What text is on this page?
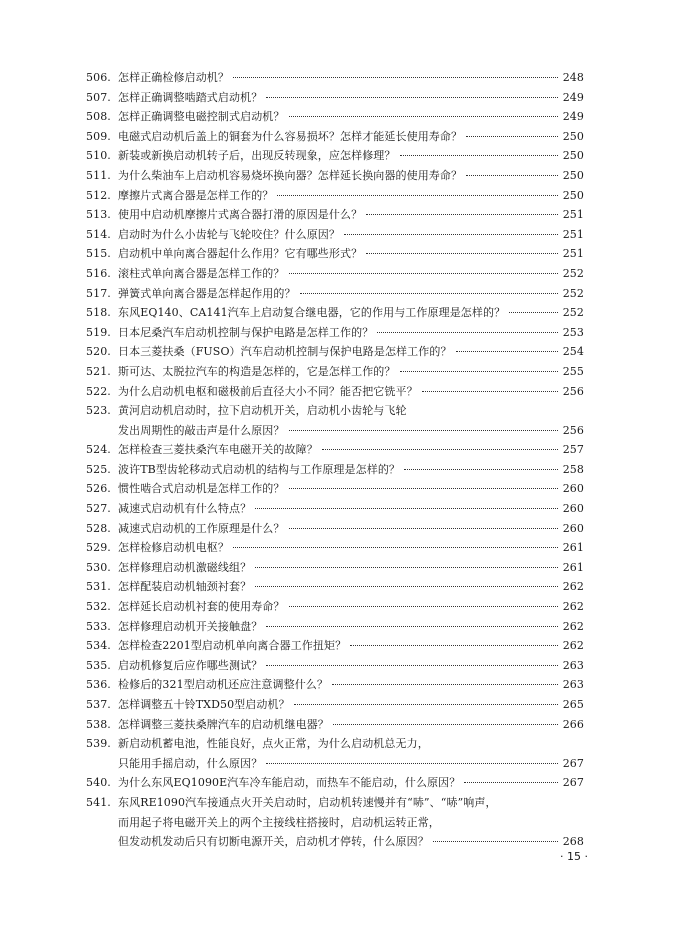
506. 怎样正确检修启动机？	248
507. 怎样正确调整啮踏式启动机？	249
508. 怎样正确调整电磁控制式启动机？	249
509. 电磁式启动机后盖上的铜套为什么容易损坏？怎样才能延长使用寿命？	250
510. 新装或新换启动机转子后，出现反转现象，应怎样修理？	250
511. 为什么柴油车上启动机容易烧坏换向器？怎样延长换向器的使用寿命？	250
512. 摩擦片式离合器是怎样工作的？	250
513. 使用中启动机摩擦片式离合器打滑的原因是什么？	251
514. 启动时为什么小齿轮与飞轮咬住？什么原因？	251
515. 启动机中单向离合器起什么作用？它有哪些形式？	251
516. 滚柱式单向离合器是怎样工作的？	252
517. 弹簧式单向离合器是怎样起作用的？	252
518. 东风EQ140、CA141汽车上启动复合继电器，它的作用与工作原理是怎样的？	252
519. 日本尼桑汽车启动机控制与保护电路是怎样工作的？	253
520. 日本三菱扶桑（FUSO）汽车启动机控制与保护电路是怎样工作的？	254
521. 斯可达、太脱拉汽车的构造是怎样的，它是怎样工作的？	255
522. 为什么启动机电枢和磁极前后直径大小不同？能否把它铣平？	256
523. 黄河启动机启动时，拉下启动机开关，启动机小齿轮与飞轮
发出周期性的敲击声是什么原因？	256
524. 怎样检查三菱扶桑汽车电磁开关的故障？	257
525. 波许TB型齿轮移动式启动机的结构与工作原理是怎样的？	258
526. 惯性啮合式启动机是怎样工作的？	260
527. 减速式启动机有什么特点？	260
528. 减速式启动机的工作原理是什么？	260
529. 怎样检修启动机电枢？	261
530. 怎样修理启动机激磁线组？	261
531. 怎样配装启动机轴颈衬套？	262
532. 怎样延长启动机衬套的使用寿命？	262
533. 怎样修理启动机开关接触盘？	262
534. 怎样检查2201型启动机单向离合器工作扭矩？	262
535. 启动机修复后应作哪些测试？	263
536. 检修后的321型启动机还应注意调整什么？	263
537. 怎样调整五十铃TXD50型启动机？	265
538. 怎样调整三菱扶桑牌汽车的启动机继电器？	266
539. 新启动机蓄电池，性能良好，点火正常，为什么启动机总无力，
只能用手摇启动，什么原因？	267
540. 为什么东风EQ1090E汽车冷车能启动，而热车不能启动，什么原因？	267
541. 东风RE1090汽车接通点火开关启动时，启动机转速慢并有“哧”、“哧”响声，
而用起子将电磁开关上的两个主接线柱搭接时，启动机运转正常，
但发动机发动后只有切断电源开关，启动机才停转，什么原因？	268
· 15 ·
